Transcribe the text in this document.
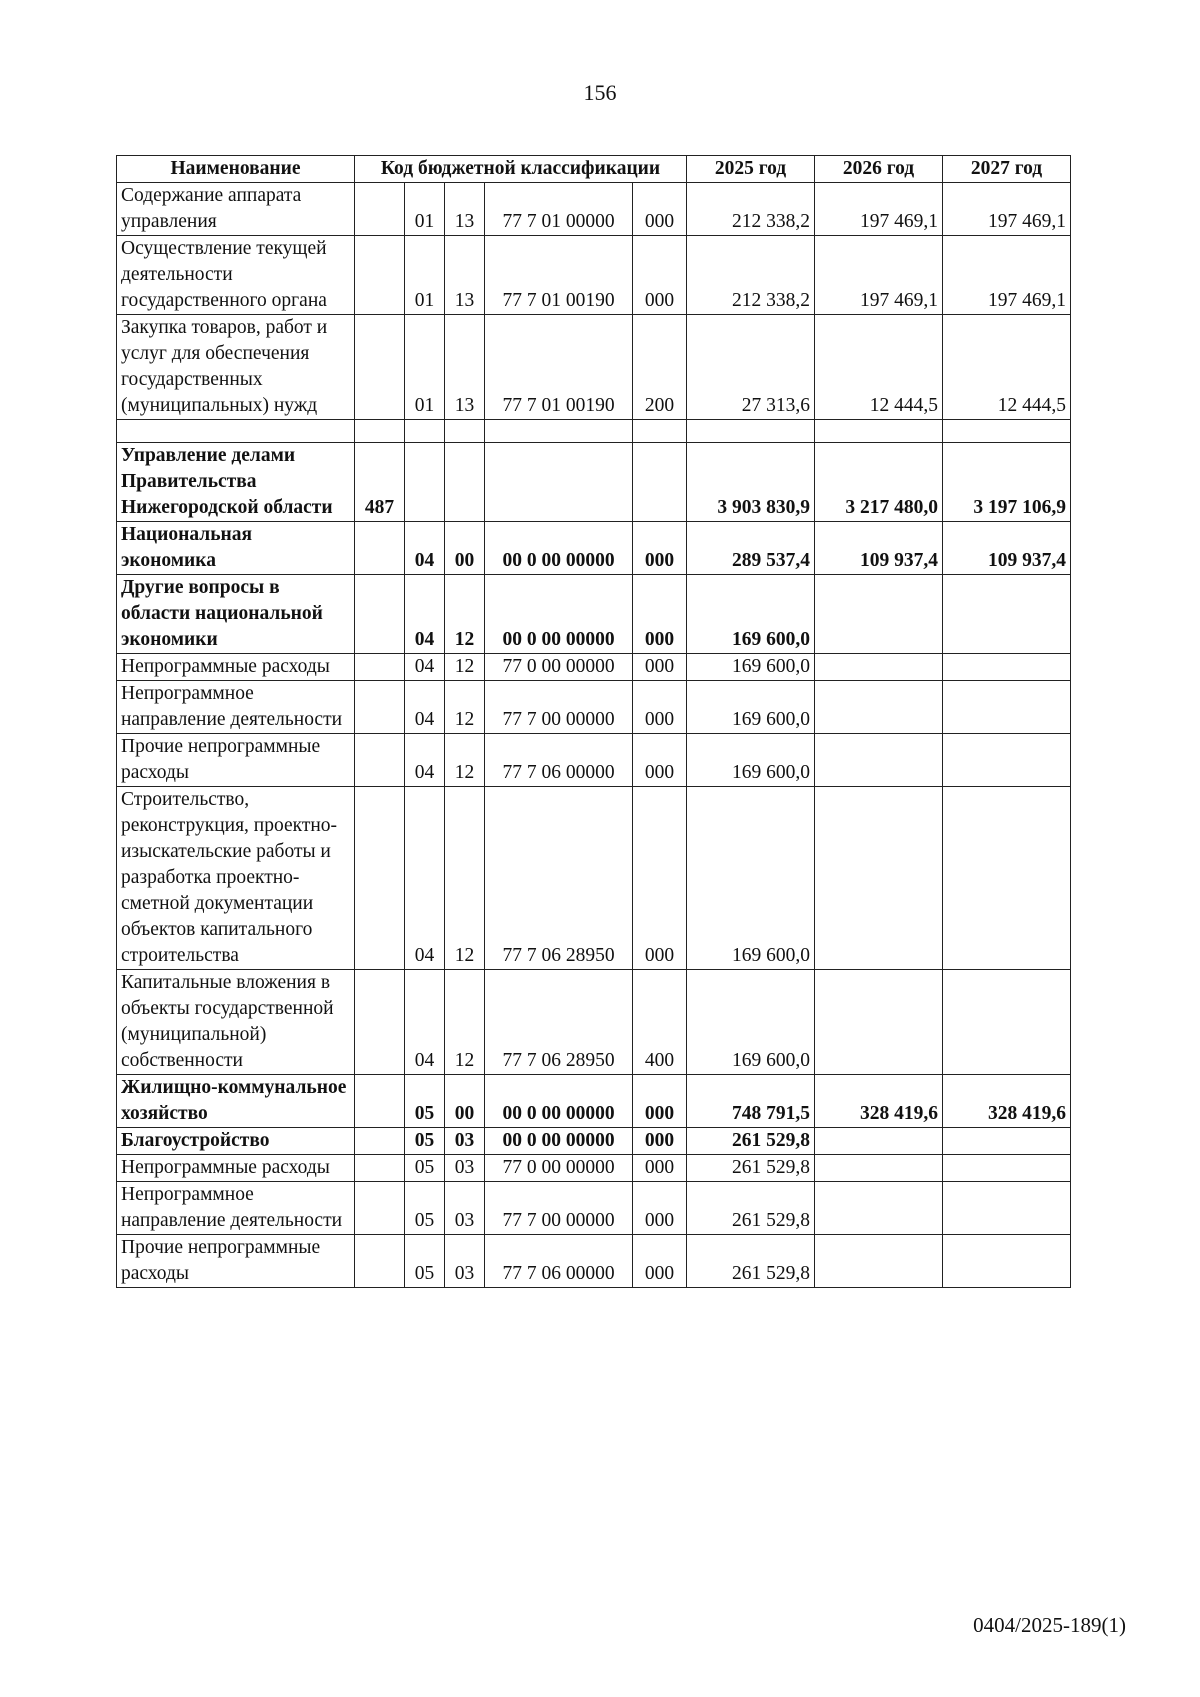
156
Наименование	Код бюджетной классификации					2025 год	2026 год	2027 год
Содержание аппарата управления		01	13	77 7 01 00000	000	212 338,2	197 469,1	197 469,1
Осуществление текущей деятельности государственного органа		01	13	77 7 01 00190	000	212 338,2	197 469,1	197 469,1
Закупка товаров, работ и услуг для обеспечения государственных (муниципальных) нужд		01	13	77 7 01 00190	200	27 313,6	12 444,5	12 444,5

Управление делами Правительства Нижегородской области	487					3 903 830,9	3 217 480,0	3 197 106,9
Национальная экономика		04	00	00 0 00 00000	000	289 537,4	109 937,4	109 937,4
Другие вопросы в области национальной экономики		04	12	00 0 00 00000	000	169 600,0		
Непрограммные расходы		04	12	77 0 00 00000	000	169 600,0		
Непрограммное направление деятельности		04	12	77 7 00 00000	000	169 600,0		
Прочие непрограммные расходы		04	12	77 7 06 00000	000	169 600,0		
Строительство, реконструкция, проектно-изыскательские работы и разработка проектно-сметной документации объектов капитального строительства		04	12	77 7 06 28950	000	169 600,0		
Капитальные вложения в объекты государственной (муниципальной) собственности		04	12	77 7 06 28950	400	169 600,0		
Жилищно-коммунальное хозяйство		05	00	00 0 00 00000	000	748 791,5	328 419,6	328 419,6
Благоустройство		05	03	00 0 00 00000	000	261 529,8		
Непрограммные расходы		05	03	77 0 00 00000	000	261 529,8		
Непрограммное направление деятельности		05	03	77 7 00 00000	000	261 529,8		
Прочие непрограммные расходы		05	03	77 7 06 00000	000	261 529,8		
0404/2025-189(1)
